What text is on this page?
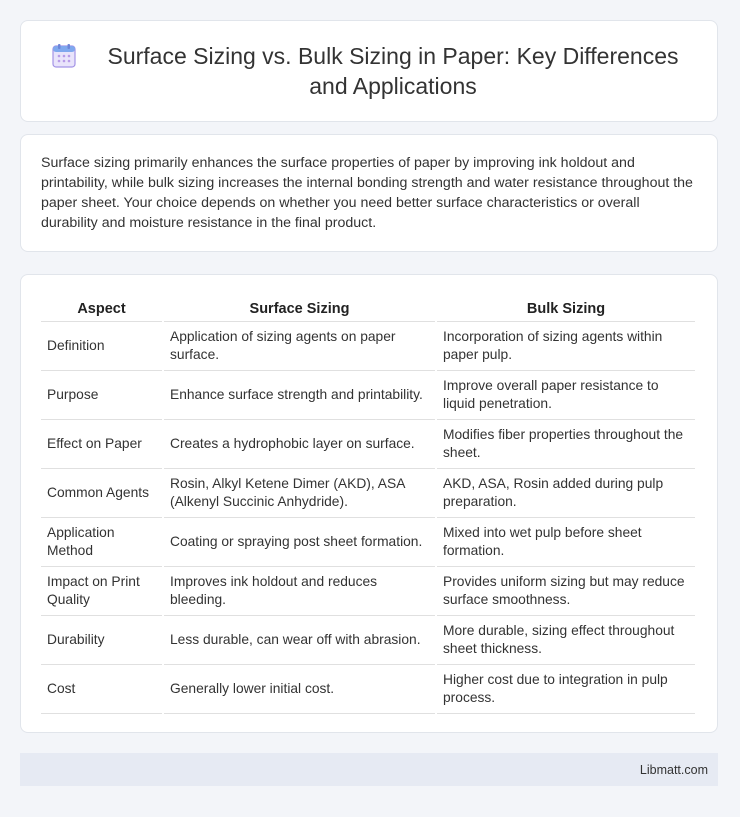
Surface Sizing vs. Bulk Sizing in Paper: Key Differences and Applications

Surface sizing primarily enhances the surface properties of paper by improving ink holdout and printability, while bulk sizing increases the internal bonding strength and water resistance throughout the paper sheet. Your choice depends on whether you need better surface characteristics or overall durability and moisture resistance in the final product.

Aspect	Surface Sizing	Bulk Sizing
Definition	Application of sizing agents on paper surface.	Incorporation of sizing agents within paper pulp.
Purpose	Enhance surface strength and printability.	Improve overall paper resistance to liquid penetration.
Effect on Paper	Creates a hydrophobic layer on surface.	Modifies fiber properties throughout the sheet.
Common Agents	Rosin, Alkyl Ketene Dimer (AKD), ASA (Alkenyl Succinic Anhydride).	AKD, ASA, Rosin added during pulp preparation.
Application Method	Coating or spraying post sheet formation.	Mixed into wet pulp before sheet formation.
Impact on Print Quality	Improves ink holdout and reduces bleeding.	Provides uniform sizing but may reduce surface smoothness.
Durability	Less durable, can wear off with abrasion.	More durable, sizing effect throughout sheet thickness.
Cost	Generally lower initial cost.	Higher cost due to integration in pulp process.
Libmatt.com
